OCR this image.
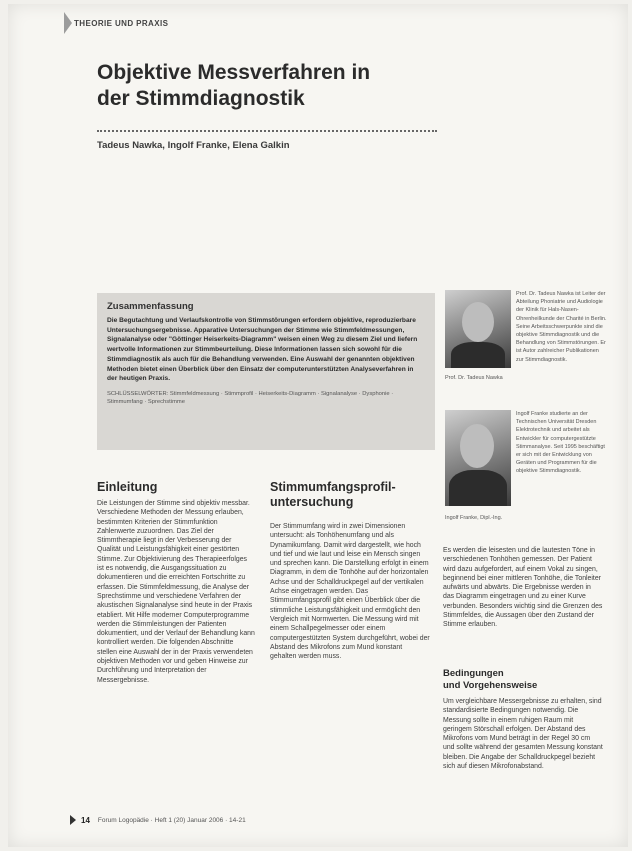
THEORIE UND PRAXIS
Objektive Messverfahren in
der Stimmdiagnostik
Tadeus Nawka, Ingolf Franke, Elena Galkin
Zusammenfassung

Die Begutachtung und Verlaufskontrolle von Stimmstörungen erfordern objektive, reproduzierbare Untersuchungsergebnisse. Apparative Untersuchungen der Stimme wie Stimmfeldmessungen, Signalanalyse oder "Göttinger Heiserkeits-Diagramm" weisen einen Weg zu diesem Ziel und liefern wertvolle Informationen zur Stimmbeurteilung. Diese Informationen lassen sich sowohl für die Stimmdiagnostik als auch für die Behandlung verwenden. Eine Auswahl der genannten objektiven Methoden bietet einen Überblick über den Einsatz der computerunterstützten Analyseverfahren in der heutigen Praxis.

SCHLÜSSELWÖRTER: Stimmfeldmessung · Stimmprofil · Heiserkeits-Diagramm · Signalanalyse · Dysphonie · Stimmumfang · Sprechstimme
Prof. Dr. Tadeus Nawka ist Leiter der Abteilung Phoniatrie und Audiologie der Klinik für Hals-Nasen-Ohrenheilkunde der Charité in Berlin. Seine Arbeitsschwerpunkte sind die objektive Stimmdiagnostik und die Behandlung von Stimmstörungen. Er ist Autor zahlreicher Publikationen zur Stimmdiagnostik.
Prof. Dr. Tadeus Nawka
Ingolf Franke studierte an der Technischen Universität Dresden Elektrotechnik und arbeitet als Entwickler für computergestützte Stimmanalyse. Seit 1995 beschäftigt er sich mit der Entwicklung von Geräten und Programmen für die objektive Stimmdiagnostik.
Ingolf Franke, Dipl.-Ing.
Einleitung

Die Leistungen der Stimme sind objektiv messbar. Verschiedene Methoden der Messung erlauben, bestimmten Kriterien der Stimmfunktion Zahlenwerte zuzuordnen. Das Ziel der Stimmtherapie liegt in der Verbesserung der Qualität und Leistungsfähigkeit einer gestörten Stimme. Zur Objektivierung des Therapieerfolges ist es notwendig, die Ausgangssituation zu dokumentieren und die erreichten Fortschritte zu erfassen. Die Stimmfeldmessung, die Analyse der Sprechstimme und verschiedene Verfahren der akustischen Signalanalyse sind heute in der Praxis etabliert. Mit Hilfe moderner Computerprogramme werden die Stimmleistungen der Patienten dokumentiert, und der Verlauf der Behandlung kann kontrolliert werden. Die folgenden Abschnitte stellen eine Auswahl der in der Praxis verwendeten objektiven Methoden vor und geben Hinweise zur Durchführung und Interpretation der Messergebnisse.

Stimmumfangsprofil-
untersuchung

Der Stimmumfang wird in zwei Dimensionen untersucht: als Tonhöhenumfang und als Dynamikumfang. Damit wird dargestellt, wie hoch und tief und wie laut und leise ein Mensch singen und sprechen kann. Die Darstellung erfolgt in einem Diagramm, in dem die Tonhöhe auf der horizontalen Achse und der Schalldruckpegel auf der vertikalen Achse eingetragen werden. Das Stimmumfangsprofil gibt einen Überblick über die stimmliche Leistungsfähigkeit und ermöglicht den Vergleich mit Normwerten. Die Messung wird mit einem Schallpegelmesser oder einem computergestützten System durchgeführt, wobei der Abstand des Mikrofons zum Mund konstant gehalten werden muss.

Es werden die leisesten und die lautesten Töne in verschiedenen Tonhöhen gemessen. Der Patient wird dazu aufgefordert, auf einem Vokal zu singen, beginnend bei einer mittleren Tonhöhe, die Tonleiter aufwärts und abwärts. Die Ergebnisse werden in das Diagramm eingetragen und zu einer Kurve verbunden. Besonders wichtig sind die Grenzen des Stimmfeldes, die Aussagen über den Zustand der Stimme erlauben.

Bedingungen
und Vorgehensweise

Um vergleichbare Messergebnisse zu erhalten, sind standardisierte Bedingungen notwendig. Die Messung sollte in einem ruhigen Raum mit geringem Störschall erfolgen. Der Abstand des Mikrofons vom Mund beträgt in der Regel 30 cm und sollte während der gesamten Messung konstant bleiben. Die Angabe der Schalldruckpegel bezieht sich auf diesen Mikrofonabstand.

14 Forum Logopädie · Heft 1 (20) Januar 2006 · 14-21
